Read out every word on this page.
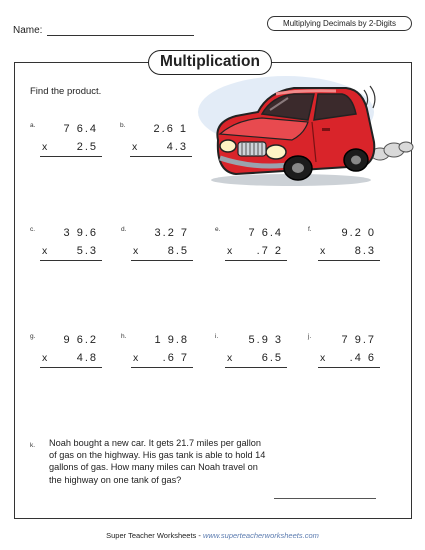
Name:
Multiplying Decimals by 2-Digits
Multiplication
Find the product.
a.	7 6.4
x	2.5
b.	2.6 1
x	4.3
c.	3 9.6
x	5.3
d.	3.2 7
x	8.5
e.	7 6.4
x .7 2
f.	9.2 0
x	8.3
g.	9 6.2
x	4.8
h.	1 9.8
x .6 7
i.	5.9 3
x	6.5
j.	7 9.7
x .4 6
k. Noah bought a new car. It gets 21.7 miles per gallon of gas on the highway. His gas tank is able to hold 14 gallons of gas. How many miles can Noah travel on the highway on one tank of gas?
Super Teacher Worksheets - www.superteacherworksheets.com
